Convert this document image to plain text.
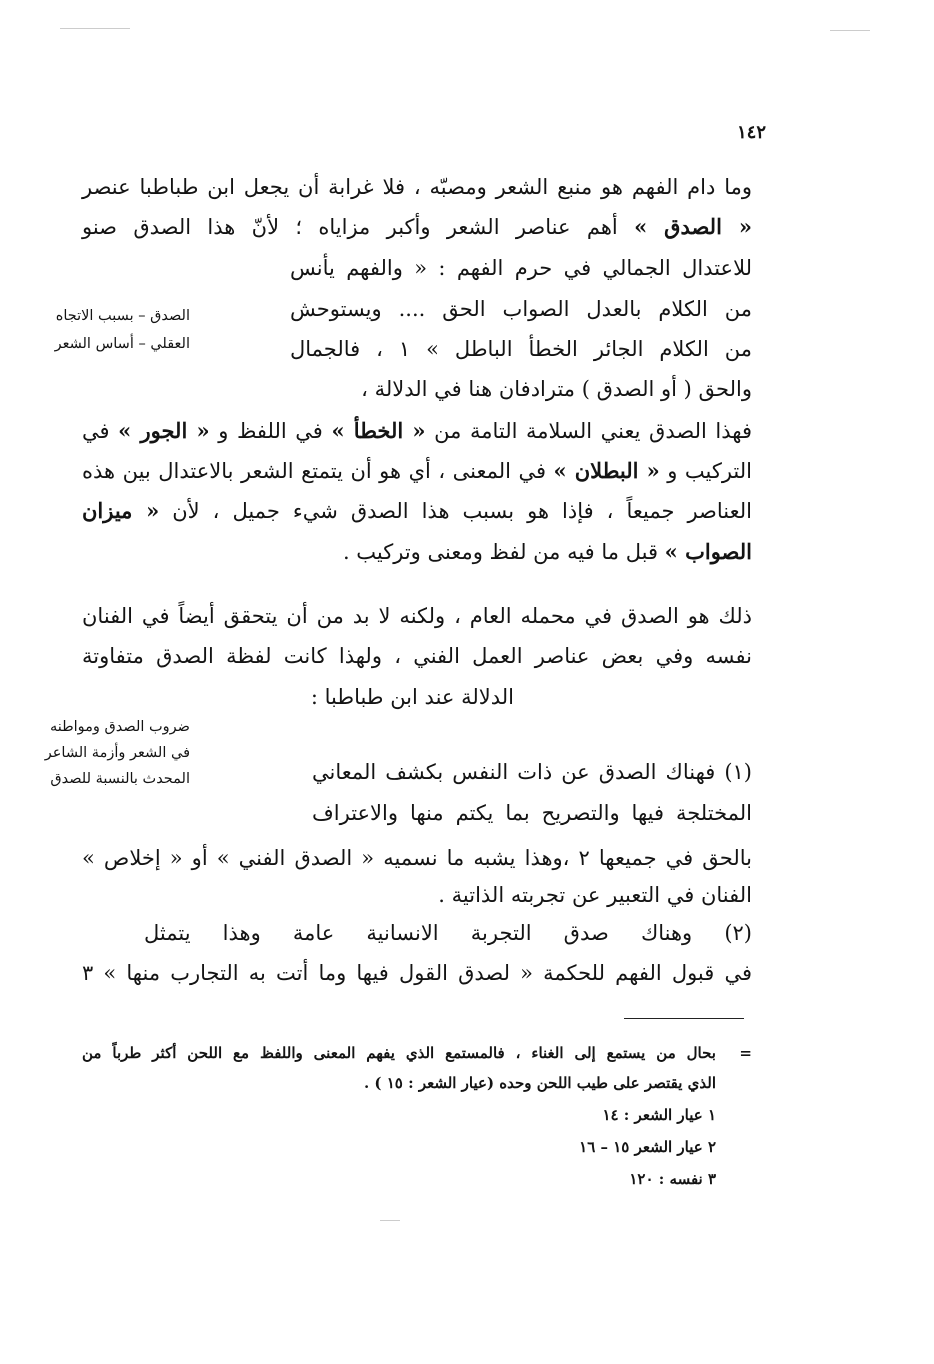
١٤٢
وما دام الفهم هو منبع الشعر ومصبّه ، فلا غرابة أن يجعل ابن طباطبا عنصر
« الصدق » أهم عناصر الشعر وأكبر مزاياه ؛ لأنّ هذا الصدق صنو
للاعتدال الجمالي في حرم الفهم : « والفهم يأنس
من الكلام بالعدل الصواب الحق .... ويستوحش
من الكلام الجائر الخطأ الباطل » ١ ، فالجمال
والحق ( أو الصدق ) مترادفان هنا في الدلالة ،
الصدق – بسبب الاتجاه
العقلي – أساس الشعر
فهذا الصدق يعني السلامة التامة من « الخطأ » في اللفظ و « الجور » في
التركيب و « البطلان » في المعنى ، أي هو أن يتمتع الشعر بالاعتدال بين هذه
العناصر جميعاً ، فإذا هو بسبب هذا الصدق شيء جميل ، لأن « ميزان
الصواب » قبل ما فيه من لفظ ومعنى وتركيب .
ذلك هو الصدق في محمله العام ، ولكنه لا بد من أن يتحقق أيضاً في الفنان
نفسه وفي بعض عناصر العمل الفني ، ولهذا كانت لفظة الصدق متفاوتة
الدلالة عند ابن طباطبا :
ضروب الصدق ومواطنه
في الشعر وأزمة الشاعر
المحدث بالنسبة للصدق	(١) فهناك الصدق عن ذات النفس بكشف المعاني
المختلجة فيها والتصريح بما يكتم منها والاعتراف
بالحق في جميعها ٢ ،وهذا يشبه ما نسميه « الصدق الفني » أو « إخلاص »
الفنان في التعبير عن تجربته الذاتية .
(٢) وهناك صدق التجربة الانسانية عامة وهذا يتمثل
في قبول الفهم للحكمة « لصدق القول فيها وما أتت به التجارب منها » ٣
=
بحال من يستمع إلى الغناء ، فالمستمع الذي يفهم المعنى واللفظ مع اللحن أكثر طرباً من
الذي يقتصر على طيب اللحن وحده (عيار الشعر : ١٥ ) .
١ عيار الشعر : ١٤
٢ عيار الشعر ١٥ – ١٦
٣ نفسه : ١٢٠
